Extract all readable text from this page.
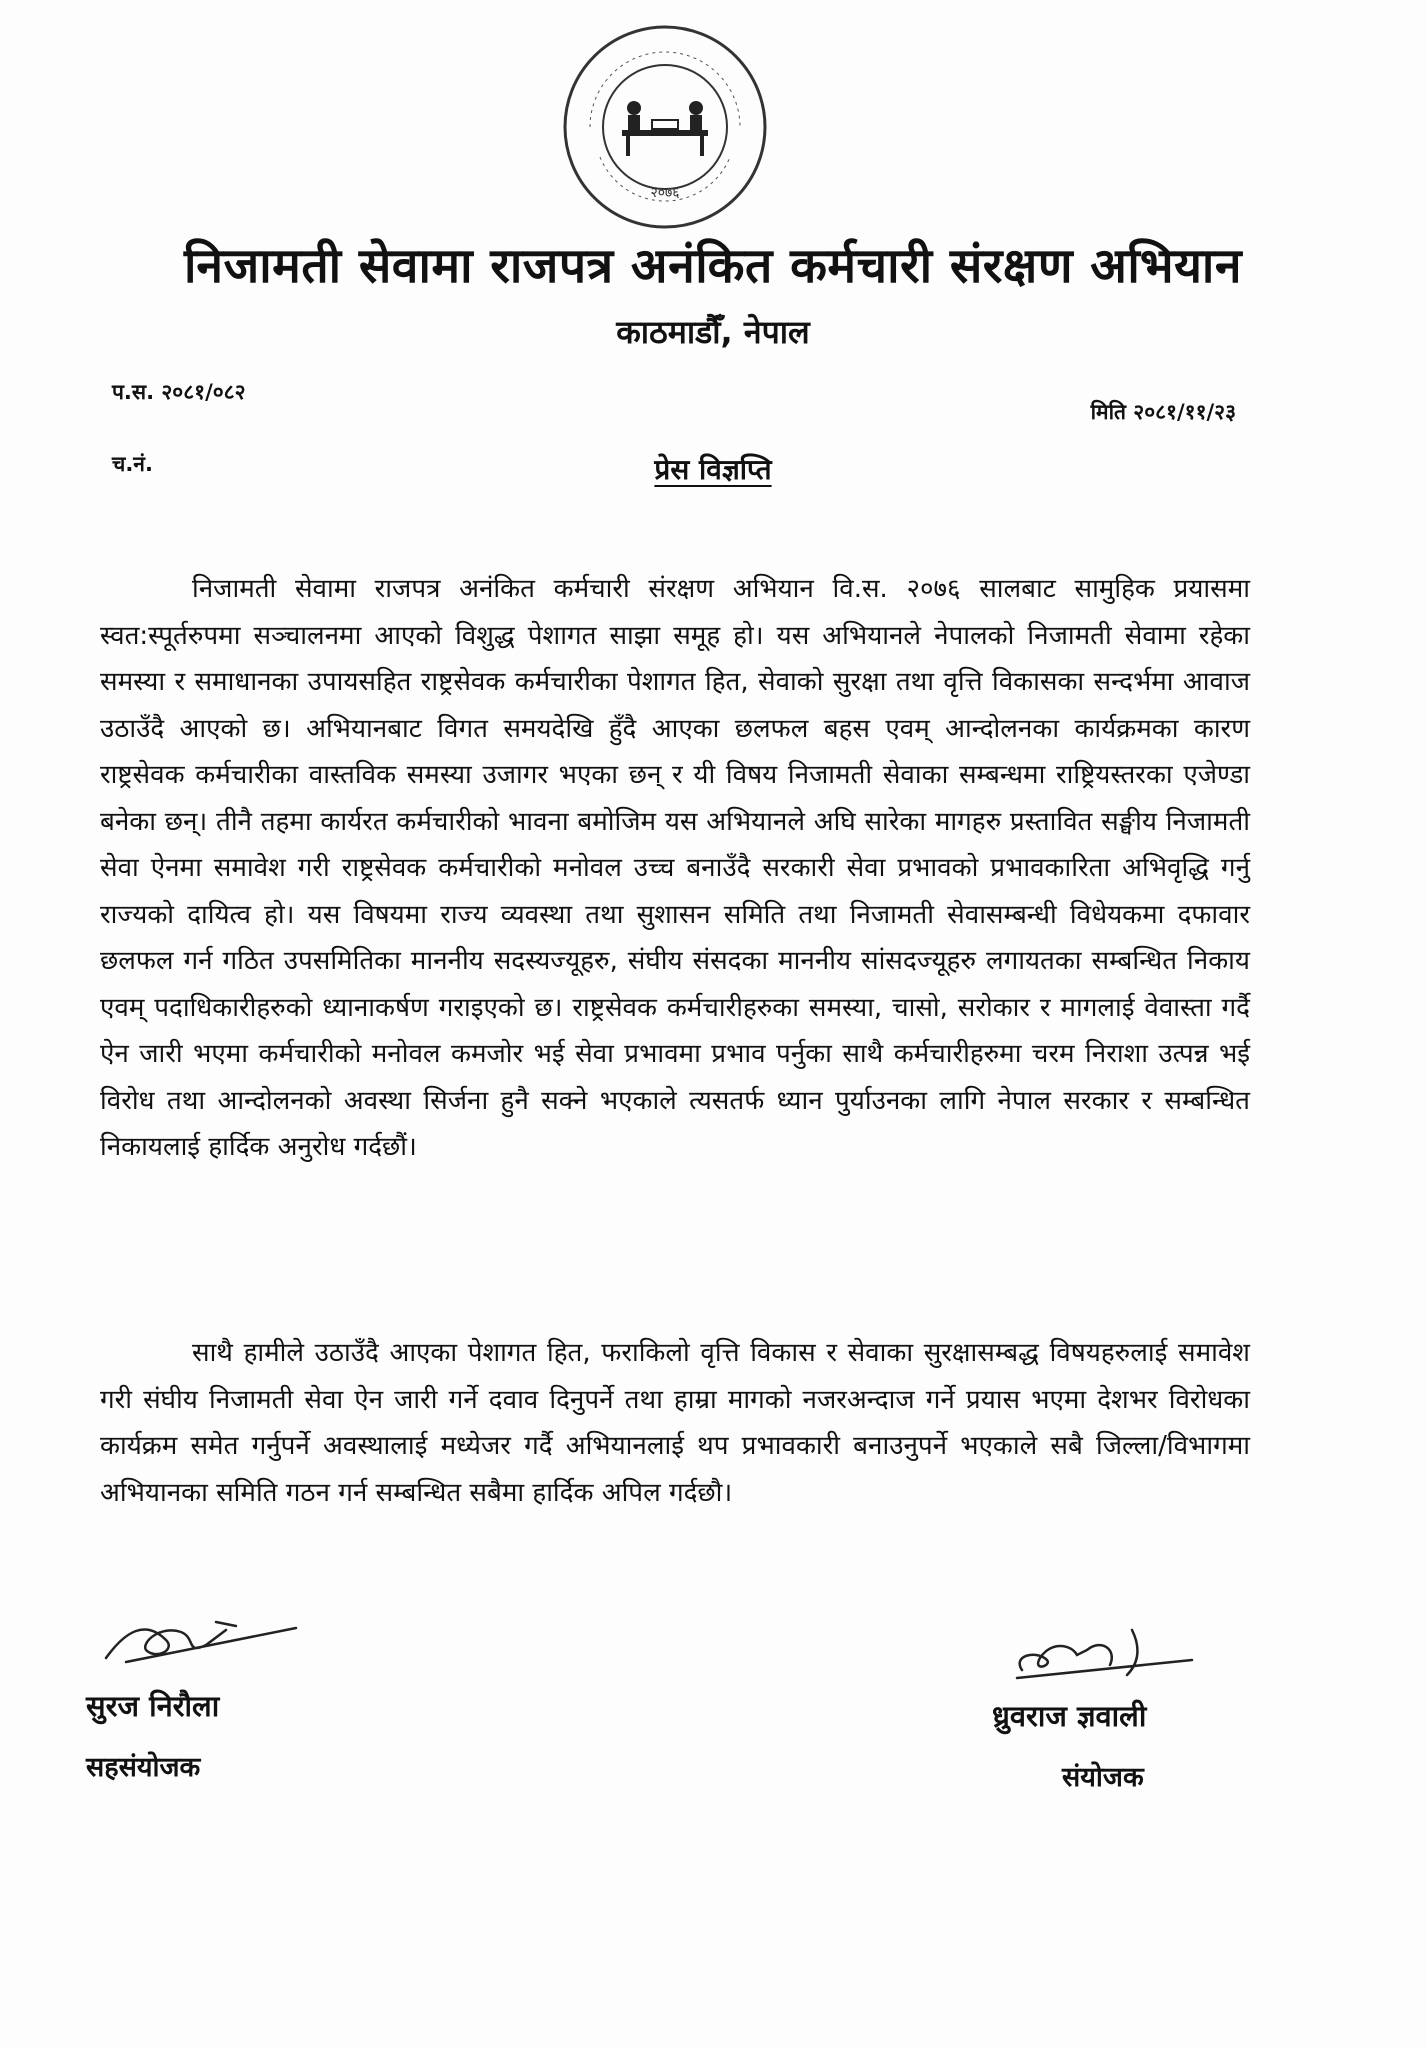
२०७६
निजामती सेवामा राजपत्र अनंकित कर्मचारी संरक्षण अभियान
काठमाडौँ, नेपाल
प.स. २०८१/०८२
मिति २०८१/११/२३
च.नं.	प्रेस विज्ञप्ति

निजामती सेवामा राजपत्र अनंकित कर्मचारी संरक्षण अभियान वि.स. २०७६ सालबाट सामुहिक प्रयासमा स्वत:स्पूर्तरुपमा सञ्चालनमा आएको विशुद्ध पेशागत साझा समूह हो। यस अभियानले नेपालको निजामती सेवामा रहेका समस्या र समाधानका उपायसहित राष्ट्रसेवक कर्मचारीका पेशागत हित, सेवाको सुरक्षा तथा वृत्ति विकासका सन्दर्भमा आवाज उठाउँदै आएको छ। अभियानबाट विगत समयदेखि हुँदै आएका छलफल बहस एवम् आन्दोलनका कार्यक्रमका कारण राष्ट्रसेवक कर्मचारीका वास्तविक समस्या उजागर भएका छन् र यी विषय निजामती सेवाका सम्बन्धमा राष्ट्रियस्तरका एजेण्डा बनेका छन्। तीनै तहमा कार्यरत कर्मचारीको भावना बमोजिम यस अभियानले अघि सारेका मागहरु प्रस्तावित सङ्घीय निजामती सेवा ऐनमा समावेश गरी राष्ट्रसेवक कर्मचारीको मनोवल उच्च बनाउँदै सरकारी सेवा प्रभावको प्रभावकारिता अभिवृद्धि गर्नु राज्यको दायित्व हो। यस विषयमा राज्य व्यवस्था तथा सुशासन समिति तथा निजामती सेवासम्बन्धी विधेयकमा दफावार छलफल गर्न गठित उपसमितिका माननीय सदस्यज्यूहरु, संघीय संसदका माननीय सांसदज्यूहरु लगायतका सम्बन्धित निकाय एवम् पदाधिकारीहरुको ध्यानाकर्षण गराइएको छ। राष्ट्रसेवक कर्मचारीहरुका समस्या, चासो, सरोकार र मागलाई वेवास्ता गर्दै ऐन जारी भएमा कर्मचारीको मनोवल कमजोर भई सेवा प्रभावमा प्रभाव पर्नुका साथै कर्मचारीहरुमा चरम निराशा उत्पन्न भई विरोध तथा आन्दोलनको अवस्था सिर्जना हुनै सक्ने भएकाले त्यसतर्फ ध्यान पुर्याउनका लागि नेपाल सरकार र सम्बन्धित निकायलाई हार्दिक अनुरोध गर्दछौं।

साथै हामीले उठाउँदै आएका पेशागत हित, फराकिलो वृत्ति विकास र सेवाका सुरक्षासम्बद्ध विषयहरुलाई समावेश गरी संघीय निजामती सेवा ऐन जारी गर्ने दवाव दिनुपर्ने तथा हाम्रा मागको नजरअन्दाज गर्ने प्रयास भएमा देशभर विरोधका कार्यक्रम समेत गर्नुपर्ने अवस्थालाई मध्येजर गर्दै अभियानलाई थप प्रभावकारी बनाउनुपर्ने भएकाले सबै जिल्ला/विभागमा अभियानका समिति गठन गर्न सम्बन्धित सबैमा हार्दिक अपिल गर्दछौ।

सुरज निरौला
सहसंयोजक
ध्रुवराज ज्ञवाली
संयोजक
